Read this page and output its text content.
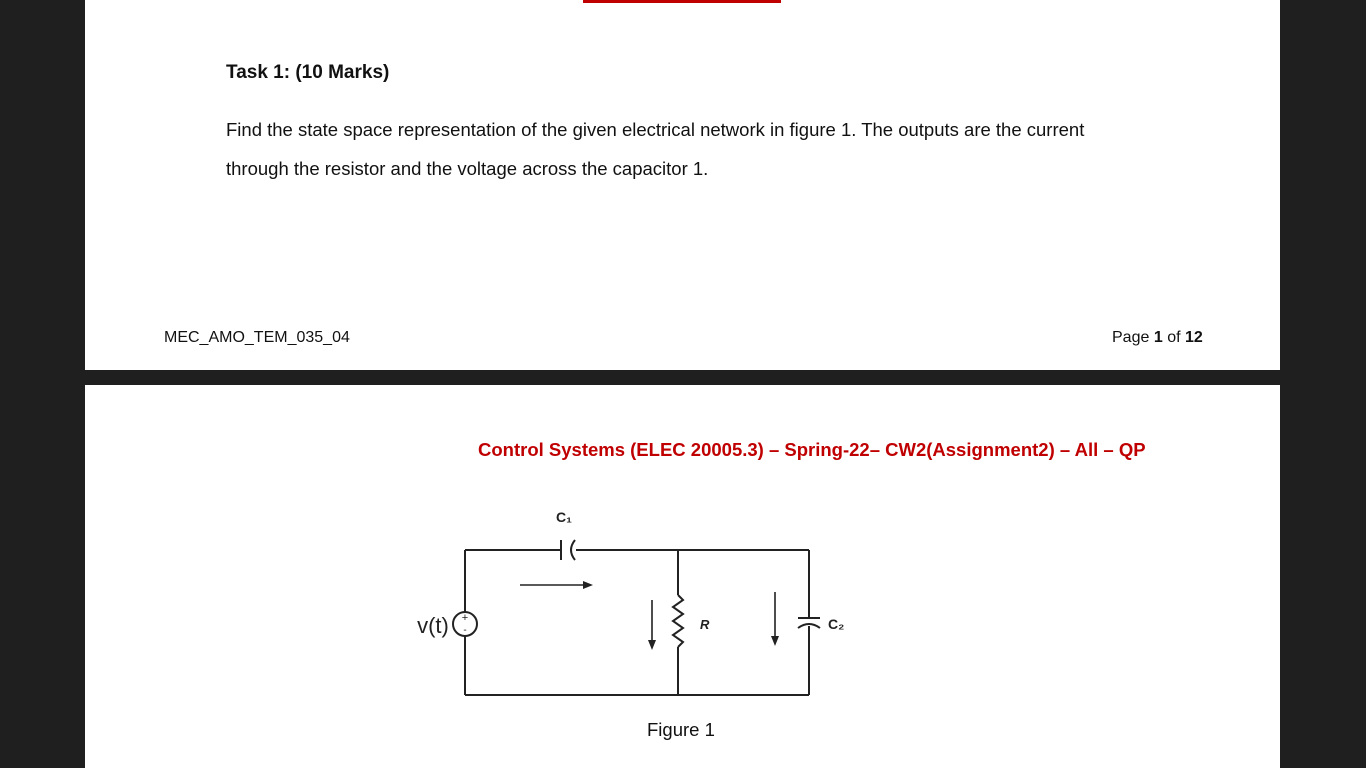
Task 1: (10 Marks)
Find the state space representation of the given electrical network in figure 1. The outputs are the current through the resistor and the voltage across the capacitor 1.
MEC_AMO_TEM_035_04	Page 1 of 12
Control Systems (ELEC 20005.3) – Spring-22– CW2(Assignment2) – All – QP
+
-
v(t)
C₁
R	C₂
Figure 1
